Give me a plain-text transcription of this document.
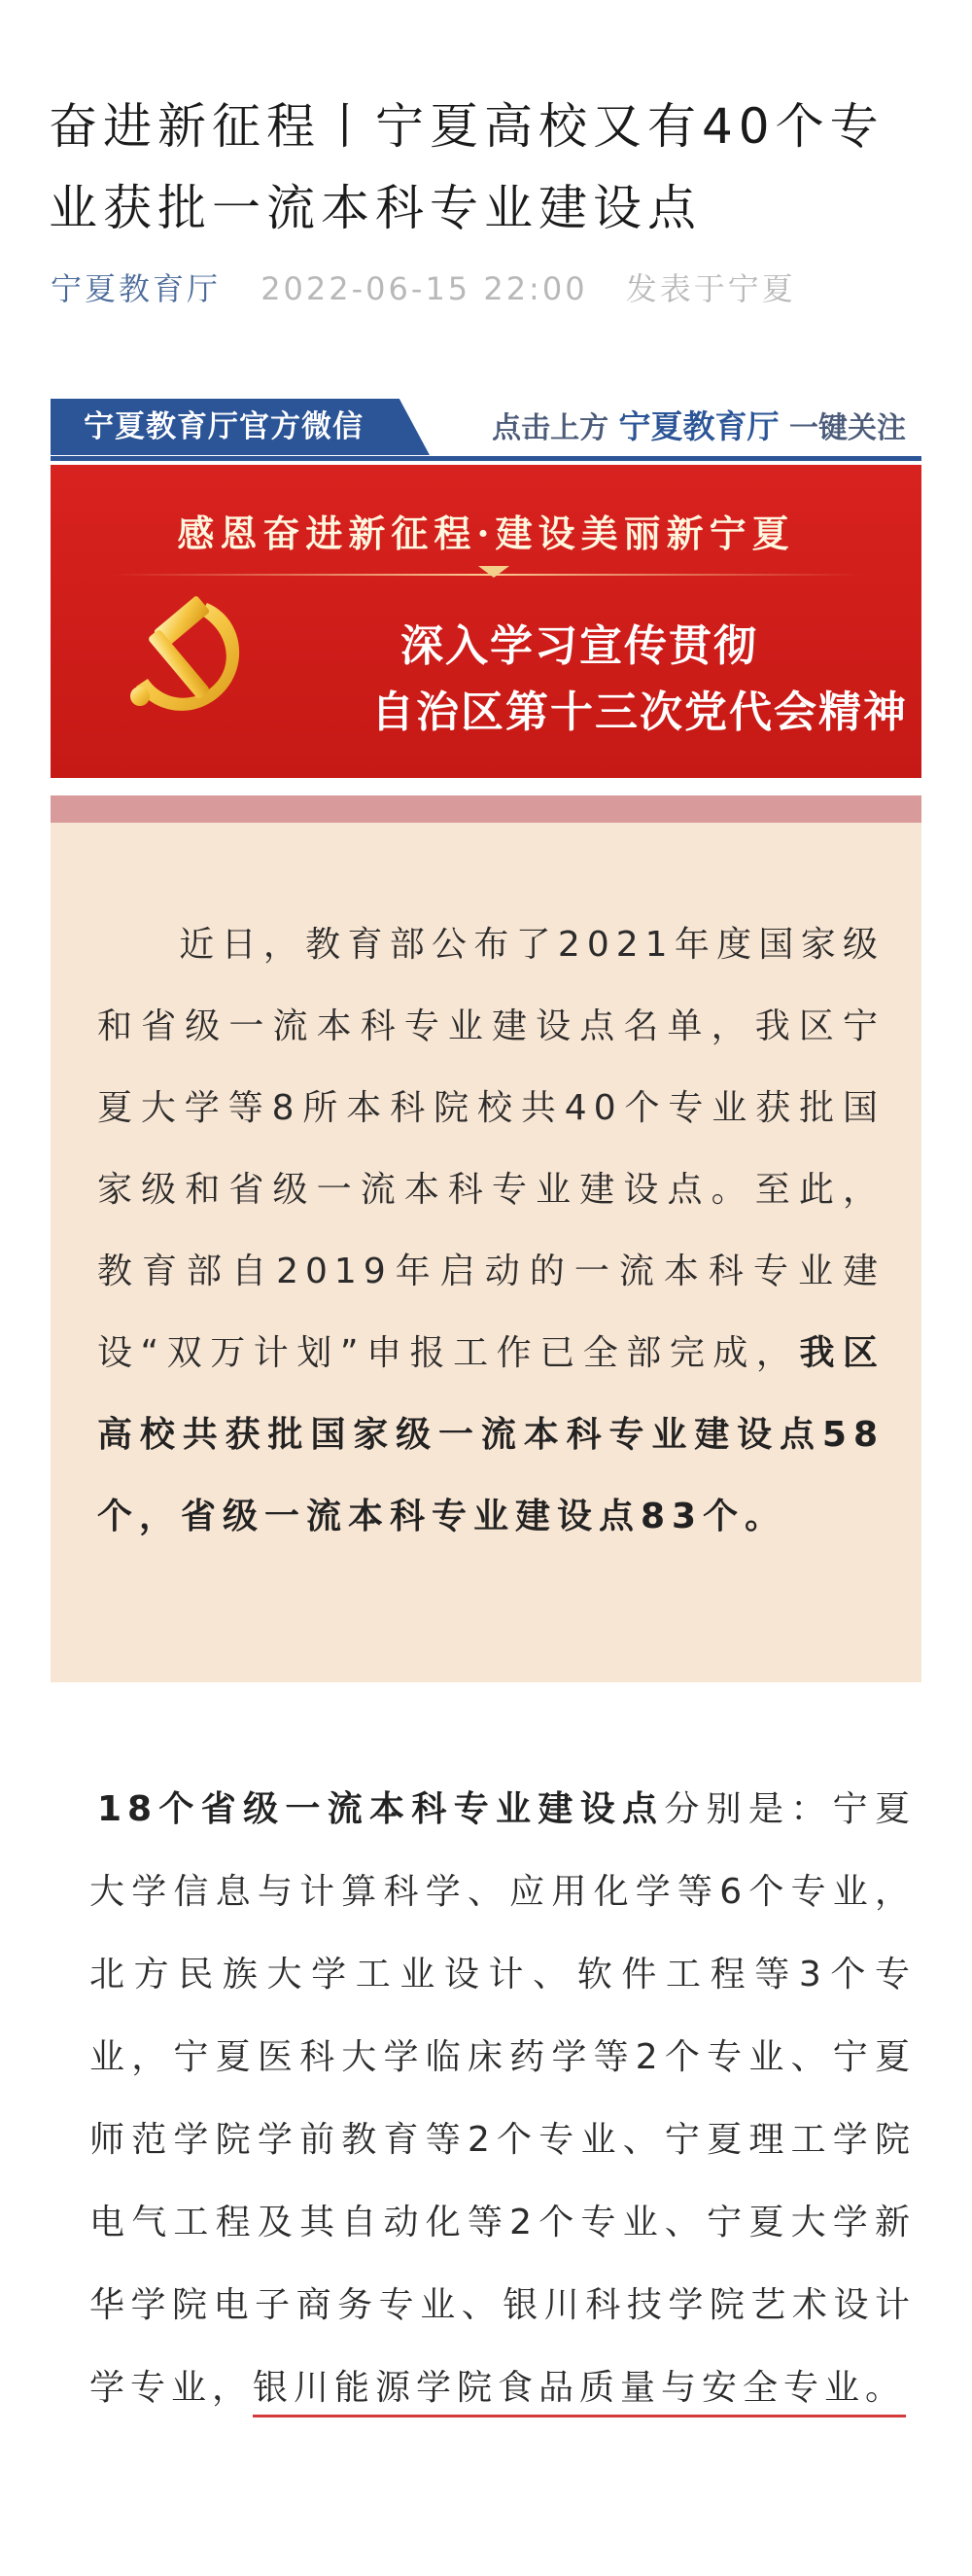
奋进新征程丨宁夏高校又有40个专业获批一流本科专业建设点
宁夏教育厅 2022-06-15 22:00 发表于宁夏
宁夏教育厅官方微信	点击上方 宁夏教育厅 一键关注
感恩奋进新征程·建设美丽新宁夏
深入学习宣传贯彻
自治区第十三次党代会精神

近日，教育部公布了2021年度国家级和省级一流本科专业建设点名单，我区宁夏大学等8所本科院校共40个专业获批国家级和省级一流本科专业建设点。至此，教育部自2019年启动的一流本科专业建设“双万计划”申报工作已全部完成，我区高校共获批国家级一流本科专业建设点58个，省级一流本科专业建设点83个。

18个省级一流本科专业建设点分别是：宁夏大学信息与计算科学、应用化学等6个专业，北方民族大学工业设计、软件工程等3个专业，宁夏医科大学临床药学等2个专业、宁夏师范学院学前教育等2个专业、宁夏理工学院电气工程及其自动化等2个专业、宁夏大学新华学院电子商务专业、银川科技学院艺术设计学专业，银川能源学院食品质量与安全专业。
